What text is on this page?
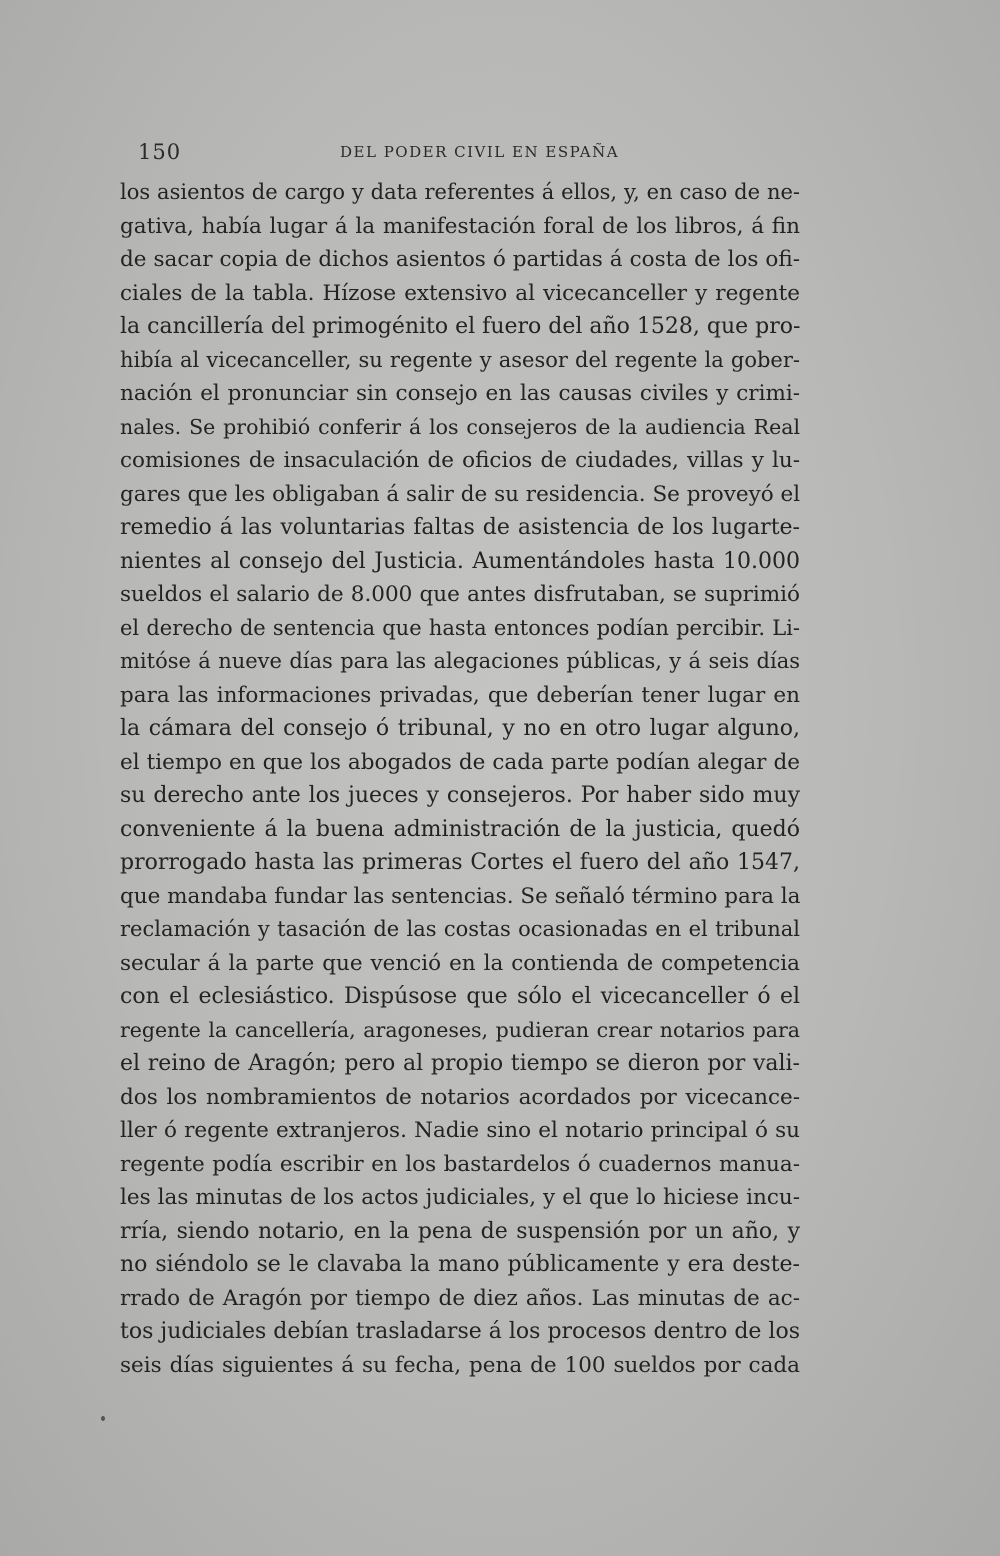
150	DEL PODER CIVIL EN ESPAÑA
los asientos de cargo y data referentes á ellos, y, en caso de ne-
gativa, había lugar á la manifestación foral de los libros, á fin
de sacar copia de dichos asientos ó partidas á costa de los ofi-
ciales de la tabla. Hízose extensivo al vicecanceller y regente
la cancillería del primogénito el fuero del año 1528, que pro-
hibía al vicecanceller, su regente y asesor del regente la gober-
nación el pronunciar sin consejo en las causas civiles y crimi-
nales. Se prohibió conferir á los consejeros de la audiencia Real
comisiones de insaculación de oficios de ciudades, villas y lu-
gares que les obligaban á salir de su residencia. Se proveyó el
remedio á las voluntarias faltas de asistencia de los lugarte-
nientes al consejo del Justicia. Aumentándoles hasta 10.000
sueldos el salario de 8.000 que antes disfrutaban, se suprimió
el derecho de sentencia que hasta entonces podían percibir. Li-
mitóse á nueve días para las alegaciones públicas, y á seis días
para las informaciones privadas, que deberían tener lugar en
la cámara del consejo ó tribunal, y no en otro lugar alguno,
el tiempo en que los abogados de cada parte podían alegar de
su derecho ante los jueces y consejeros. Por haber sido muy
conveniente á la buena administración de la justicia, quedó
prorrogado hasta las primeras Cortes el fuero del año 1547,
que mandaba fundar las sentencias. Se señaló término para la
reclamación y tasación de las costas ocasionadas en el tribunal
secular á la parte que venció en la contienda de competencia
con el eclesiástico. Dispúsose que sólo el vicecanceller ó el
regente la cancellería, aragoneses, pudieran crear notarios para
el reino de Aragón; pero al propio tiempo se dieron por vali-
dos los nombramientos de notarios acordados por vicecance-
ller ó regente extranjeros. Nadie sino el notario principal ó su
regente podía escribir en los bastardelos ó cuadernos manua-
les las minutas de los actos judiciales, y el que lo hiciese incu-
rría, siendo notario, en la pena de suspensión por un año, y
no siéndolo se le clavaba la mano públicamente y era deste-
rrado de Aragón por tiempo de diez años. Las minutas de ac-
tos judiciales debían trasladarse á los procesos dentro de los
seis días siguientes á su fecha, pena de 100 sueldos por cada
